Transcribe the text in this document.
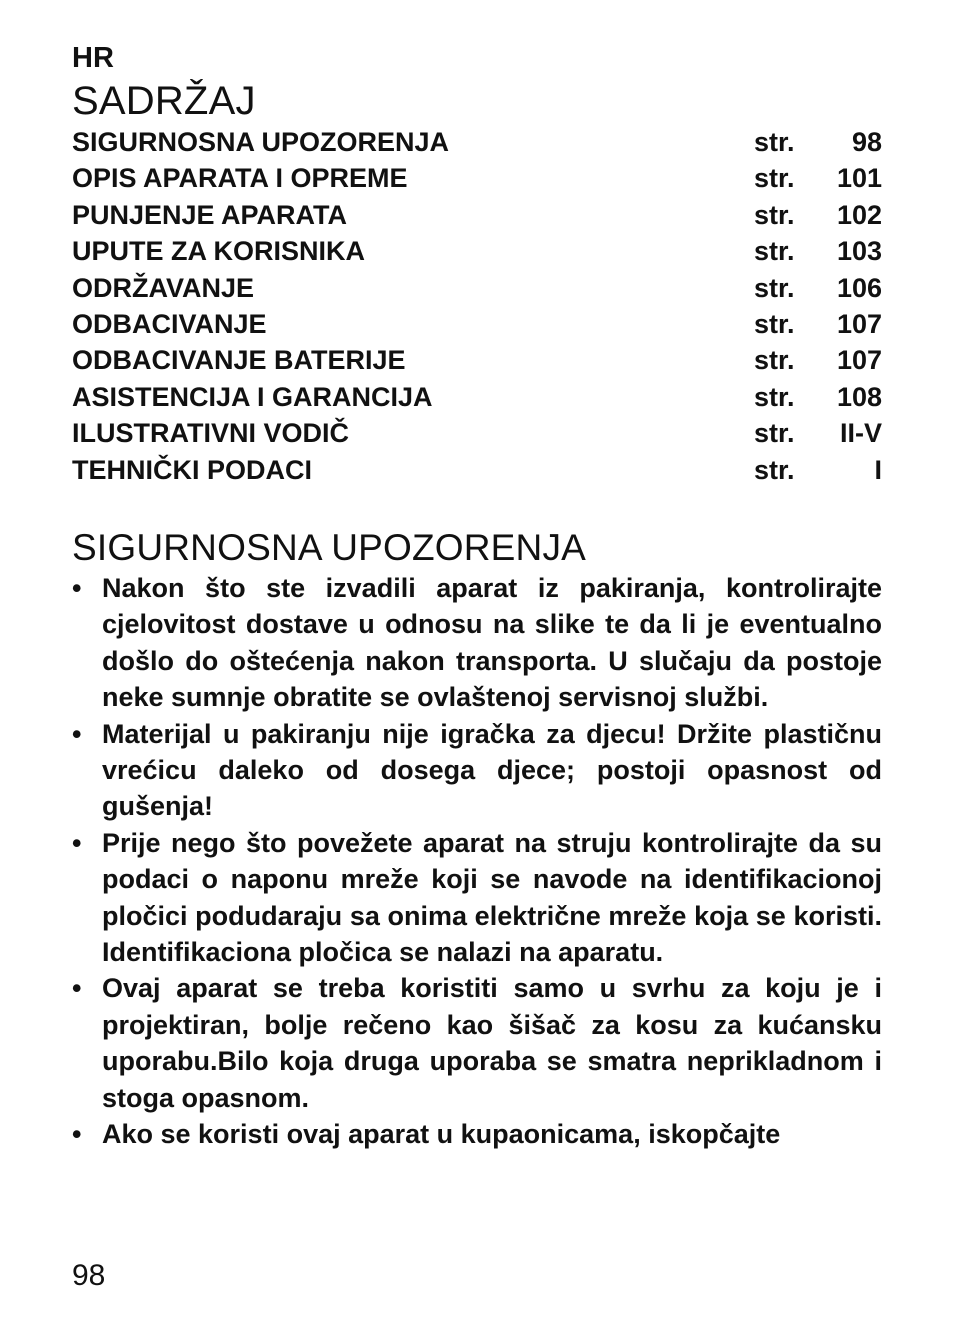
HR
SADRŽAJ
SIGURNOSNA UPOZORENJA	str.	98
OPIS APARATA I OPREME	str.	101
PUNJENJE APARATA	str.	102
UPUTE ZA KORISNIKA	str.	103
ODRŽAVANJE	str.	106
ODBACIVANJE	str.	107
ODBACIVANJE BATERIJE	str.	107
ASISTENCIJA I GARANCIJA	str.	108
ILUSTRATIVNI VODIČ	str.	II-V
TEHNIČKI PODACI	str.	I
SIGURNOSNA UPOZORENJA
• Nakon što ste izvadili aparat iz pakiranja, kontrolirajte cjelovitost dostave u odnosu na slike te da li je eventualno došlo do oštećenja nakon transporta. U slučaju da postoje neke sumnje obratite se ovlaštenoj servisnoj službi.
• Materijal u pakiranju nije igračka za djecu! Držite plastičnu vrećicu daleko od dosega djece; postoji opasnost od gušenja!
• Prije nego što povežete aparat na struju kontrolirajte da su podaci o naponu mreže koji se navode na identifikacionoj pločici podudaraju sa onima električne mreže koja se koristi. Identifikaciona pločica se nalazi na aparatu.
• Ovaj aparat se treba koristiti samo u svrhu za koju je i projektiran, bolje rečeno kao šišač za kosu za kućansku uporabu.Bilo koja druga uporaba se smatra neprikladnom i stoga opasnom.
• Ako se koristi ovaj aparat u kupaonicama, iskopčajte
98
